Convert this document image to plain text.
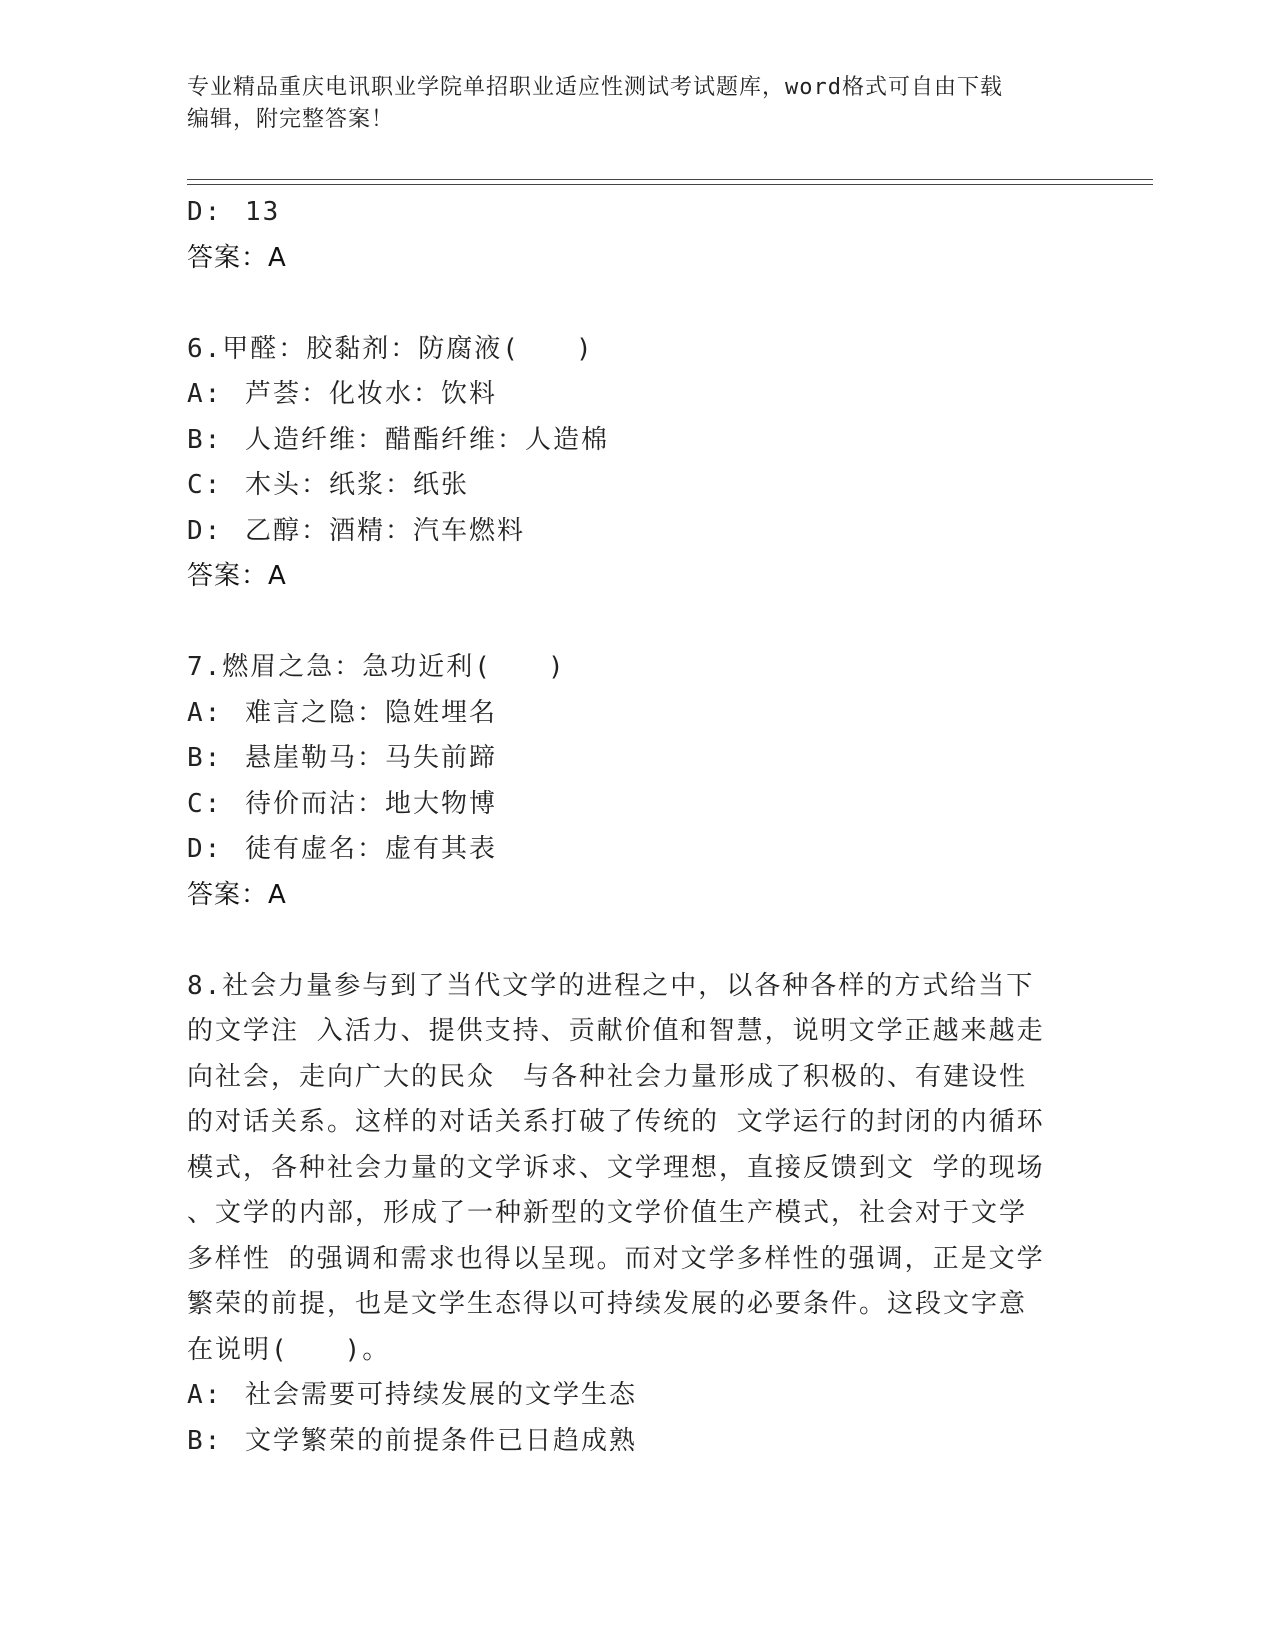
专业精品重庆电讯职业学院单招职业适应性测试考试题库，word格式可自由下载
编辑，附完整答案！
D: 13
答案：A
6.甲醛：胶黏剂：防腐液(　　)
A: 芦荟：化妆水：饮料
B: 人造纤维：醋酯纤维：人造棉
C: 木头：纸浆：纸张
D: 乙醇：酒精：汽车燃料
答案：A
7.燃眉之急：急功近利(　　)
A: 难言之隐：隐姓埋名
B: 悬崖勒马：马失前蹄
C: 待价而沽：地大物博
D: 徒有虚名：虚有其表
答案：A
8.社会力量参与到了当代文学的进程之中，以各种各样的方式给当下
的文学注 入活力、提供支持、贡献价值和智慧，说明文学正越来越走
向社会，走向广大的民众　与各种社会力量形成了积极的、有建设性
的对话关系。这样的对话关系打破了传统的 文学运行的封闭的内循环
模式，各种社会力量的文学诉求、文学理想，直接反馈到文 学的现场
、文学的内部，形成了一种新型的文学价值生产模式，社会对于文学
多样性 的强调和需求也得以呈现。而对文学多样性的强调，正是文学
繁荣的前提，也是文学生态得以可持续发展的必要条件。这段文字意
在说明(　　)。
A: 社会需要可持续发展的文学生态
B: 文学繁荣的前提条件已日趋成熟
